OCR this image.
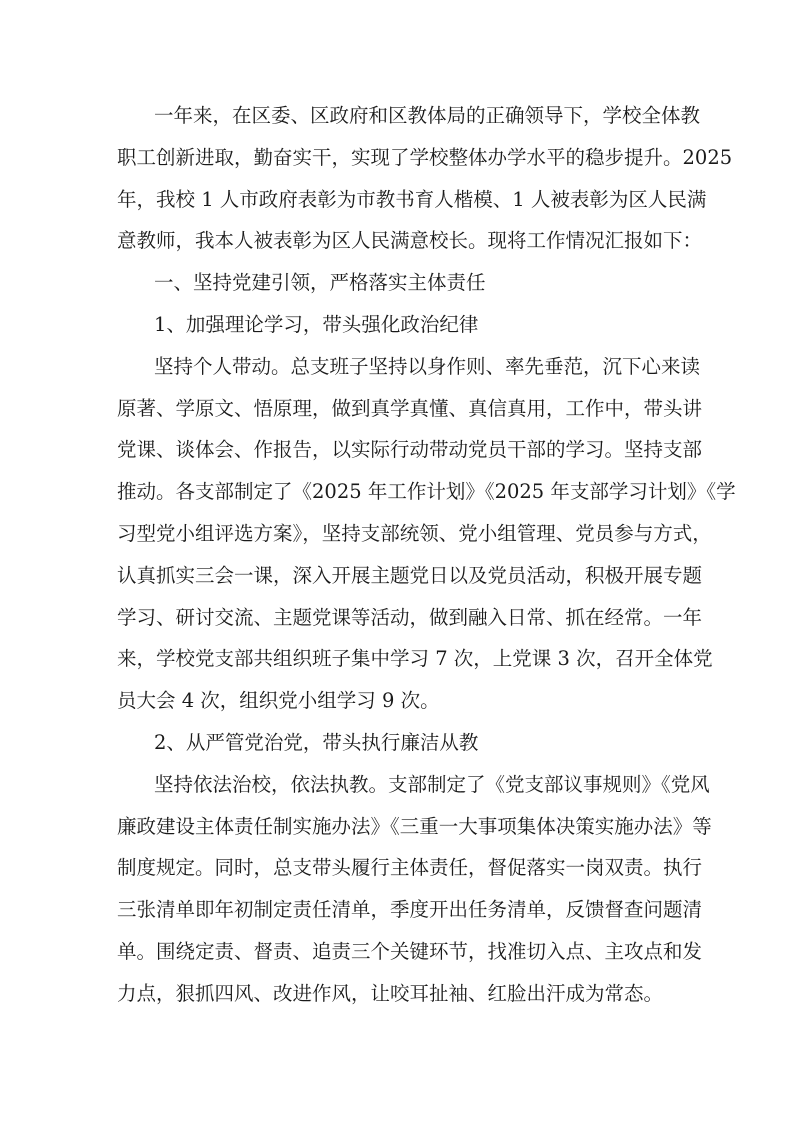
一年来，在区委、区政府和区教体局的正确领导下，学校全体教
职工创新进取，勤奋实干，实现了学校整体办学水平的稳步提升。2025
年，我校 1 人市政府表彰为市教书育人楷模、1 人被表彰为区人民满
意教师，我本人被表彰为区人民满意校长。现将工作情况汇报如下：
一、坚持党建引领，严格落实主体责任
1、加强理论学习，带头强化政治纪律
坚持个人带动。总支班子坚持以身作则、率先垂范，沉下心来读
原著、学原文、悟原理，做到真学真懂、真信真用，工作中，带头讲
党课、谈体会、作报告，以实际行动带动党员干部的学习。坚持支部
推动。各支部制定了《2025 年工作计划》《2025 年支部学习计划》《学
习型党小组评选方案》，坚持支部统领、党小组管理、党员参与方式，
认真抓实三会一课，深入开展主题党日以及党员活动，积极开展专题
学习、研讨交流、主题党课等活动，做到融入日常、抓在经常。一年
来，学校党支部共组织班子集中学习 7 次，上党课 3 次，召开全体党
员大会 4 次，组织党小组学习 9 次。
2、从严管党治党，带头执行廉洁从教
坚持依法治校，依法执教。支部制定了《党支部议事规则》《党风
廉政建设主体责任制实施办法》《三重一大事项集体决策实施办法》等
制度规定。同时，总支带头履行主体责任，督促落实一岗双责。执行
三张清单即年初制定责任清单，季度开出任务清单，反馈督查问题清
单。围绕定责、督责、追责三个关键环节，找准切入点、主攻点和发
力点，狠抓四风、改进作风，让咬耳扯袖、红脸出汗成为常态。
